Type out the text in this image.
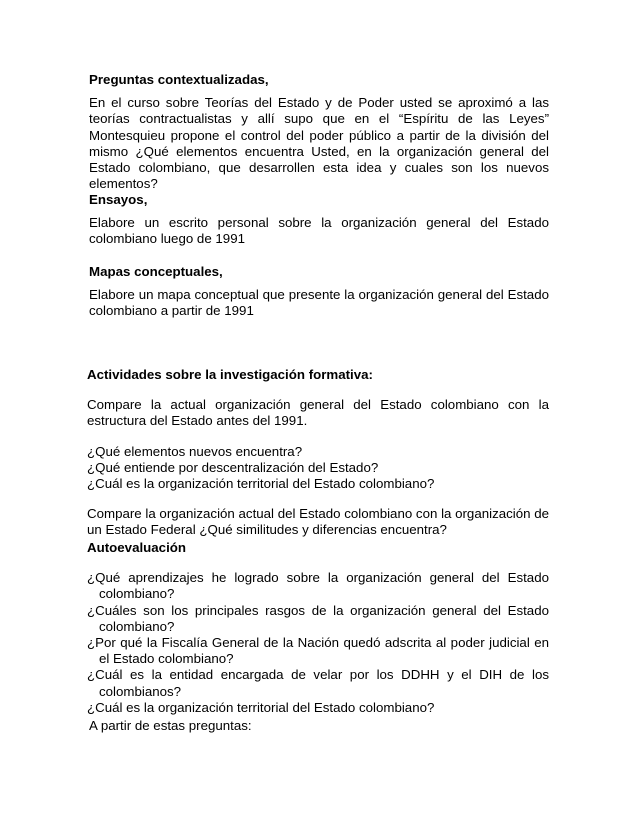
Preguntas contextualizadas,

En el curso sobre Teorías del Estado y de Poder usted se aproximó a las teorías contractualistas y allí supo que en el “Espíritu de las Leyes” Montesquieu propone el control del poder público a partir de la división del mismo ¿Qué elementos encuentra Usted, en la organización general del Estado colombiano, que desarrollen esta idea y cuales son los nuevos elementos?

Ensayos,

Elabore un escrito personal sobre la organización general del Estado colombiano luego de 1991

Mapas conceptuales,

Elabore un mapa conceptual que presente la organización general del Estado colombiano a partir de 1991

Actividades sobre la investigación formativa:

Compare la actual organización general del Estado colombiano con la estructura del Estado antes del 1991.

¿Qué elementos nuevos encuentra?
¿Qué entiende por descentralización del Estado?
¿Cuál es la organización territorial del Estado colombiano?

Compare la organización actual del Estado colombiano con la organización de un Estado Federal ¿Qué similitudes y diferencias encuentra?

Autoevaluación
¿Qué aprendizajes he logrado sobre la organización general del Estado colombiano?
¿Cuáles son los principales rasgos de la organización general del Estado colombiano?
¿Por qué la Fiscalía General de la Nación quedó adscrita al poder judicial en el Estado colombiano?
¿Cuál es la entidad encargada de velar por los DDHH y el DIH de los colombianos?
¿Cuál es la organización territorial del Estado colombiano?
A partir de estas preguntas:
